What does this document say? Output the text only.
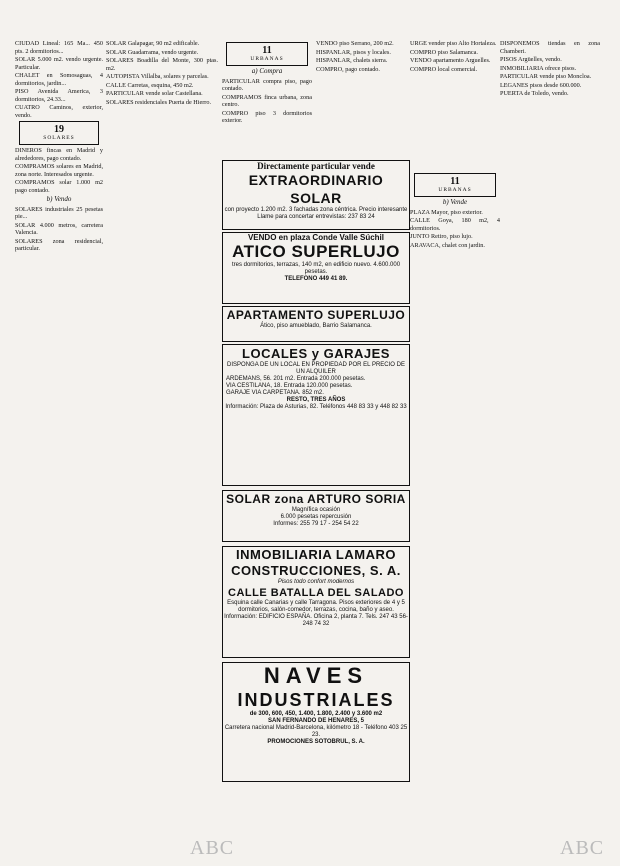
CIUDAD Lineal: 165 Ma... 450 pts. 2 dormitorios...

SOLAR 5.000 m2. vendo urgente. Particular.

CHALET en Somosaguas, 4 dormitorios, jardin...

PISO Avenida America, 3 dormitorios, 24.33...

CUATRO Caminos, exterior, vendo.

19
SOLARES

DINEROS fincas en Madrid y alrededores, pago contado.

COMPRAMOS solares en Madrid, zona norte. Interesados urgente.

COMPRAMOS solar 1.000 m2 pago contado.

b) Vendo

SOLARES industriales 25 pesetas pie...

SOLAR 4.000 metros, carretera Valencia.

SOLARES zona residencial, particular.

SOLAR Galapagar, 90 m2 edificable.

SOLAR Guadarrama, vendo urgente.

SOLARES Boadilla del Monte, 300 ptas. m2.

AUTOPISTA Villalba, solares y parcelas.

CALLE Carretas, esquina, 450 m2.

PARTICULAR vende solar Castellana.

SOLARES residenciales Puerta de Hierro.

11
URBANAS
a) Compra

PARTICULAR compra piso, pago contado.

COMPRAMOS finca urbana, zona centro.

COMPRO piso 3 dormitorios exterior.

VENDO piso Serrano, 200 m2.

HISPANLAR, pisos y locales.

HISPANLAR, chalets sierra.

COMPRO, pago contado.

URGE vender piso Alto Hortaleza.

COMPRO piso Salamanca.

VENDO apartamento Arguelles.

COMPRO local comercial.

11
URBANAS
b) Vende

PLAZA Mayor, piso exterior.

CALLE Goya, 180 m2, 4 dormitorios.

JUNTO Retiro, piso lujo.

ARAVACA, chalet con jardin.

DISPONEMOS tiendas en zona Chamberi.

PISOS Argüelles, vendo.

INMOBILIARIA ofrece pisos.

PARTICULAR vende piso Moncloa.

LEGANES pisos desde 600.000.

PUERTA de Toledo, vendo.

Directamente particular vende

EXTRAORDINARIO SOLAR

con proyecto 1.200 m2. 3 fachadas zona céntrica. Precio interesante

Llame para concertar entrevistas: 237 83 24

VENDO en plaza Conde Valle Súchil

ATICO SUPERLUJO

tres dormitorios, terrazas, 140 m2, en edificio nuevo. 4.600.000 pesetas.

TELEFONO 449 41 89.

APARTAMENTO SUPERLUJO

Ático, piso amueblado, Barrio Salamanca.

LOCALES y GARAJES

DISPONGA DE UN LOCAL EN PROPIEDAD POR EL PRECIO DE UN ALQUILER

ARDEMANS, 56. 201 m2. Entrada 200.000 pesetas.

VIA CESTILANA, 18. Entrada 120.000 pesetas.

GARAJE VIA CARPETANA. 852 m2.

RESTO, TRES AÑOS

Información: Plaza de Asturias, 82. Teléfonos 448 83 33 y 448 82 33

SOLAR zona ARTURO SORIA

Magnífica ocasión

6.000 pesetas repercusión

Informes: 255 79 17 - 254 54 22

INMOBILIARIA LAMARO

CONSTRUCCIONES, S. A.

Pisos todo confort modernos

CALLE BATALLA DEL SALADO

Esquina calle Canarias y calle Tarragona. Pisos exteriores de 4 y 5 dormitorios, salón-comedor, terrazas, cocina, baño y aseo.

Información: EDIFICIO ESPAÑA. Oficina 2, planta 7. Tels. 247 43 56-248 74 32

NAVES

INDUSTRIALES

de 300, 600, 450, 1.400, 1.800, 2.400 y 3.600 m2

SAN FERNANDO DE HENARES, 5

Carretera nacional Madrid-Barcelona, kilómetro 18 - Teléfono 403 25 23.

PROMOCIONES SOTOBRUL, S. A.

ABC	ABC
